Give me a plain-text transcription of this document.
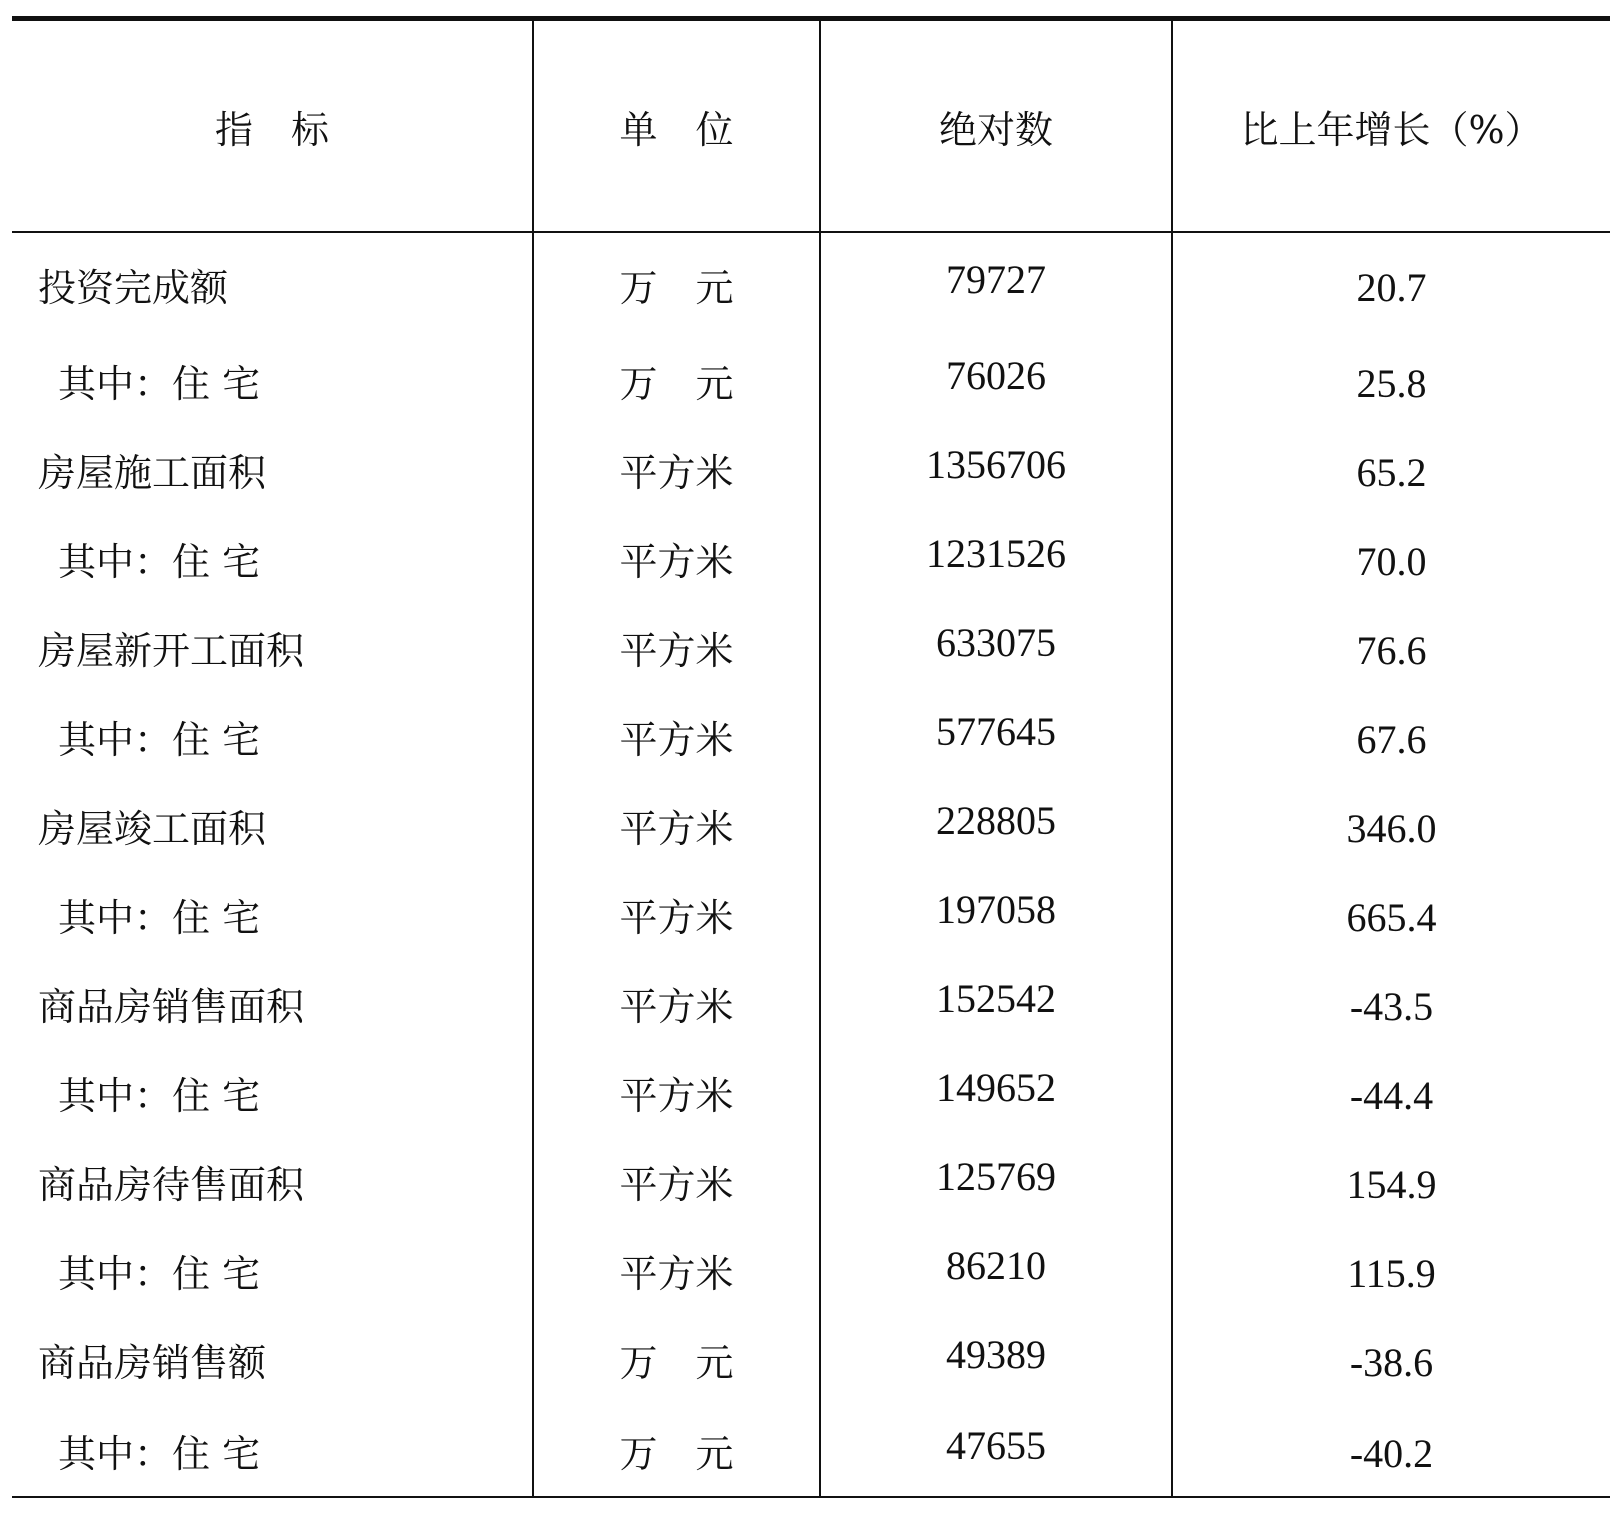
指　标	单　位	绝对数	比上年增长（%）
投资完成额	万　元	79727	20.7
其中：住 宅	万　元	76026	25.8
房屋施工面积	平方米	1356706	65.2
其中：住 宅	平方米	1231526	70.0
房屋新开工面积	平方米	633075	76.6
其中：住 宅	平方米	577645	67.6
房屋竣工面积	平方米	228805	346.0
其中：住 宅	平方米	197058	665.4
商品房销售面积	平方米	152542	-43.5
其中：住 宅	平方米	149652	-44.4
商品房待售面积	平方米	125769	154.9
其中：住 宅	平方米	86210	115.9
商品房销售额	万　元	49389	-38.6
其中：住 宅	万　元	47655	-40.2
